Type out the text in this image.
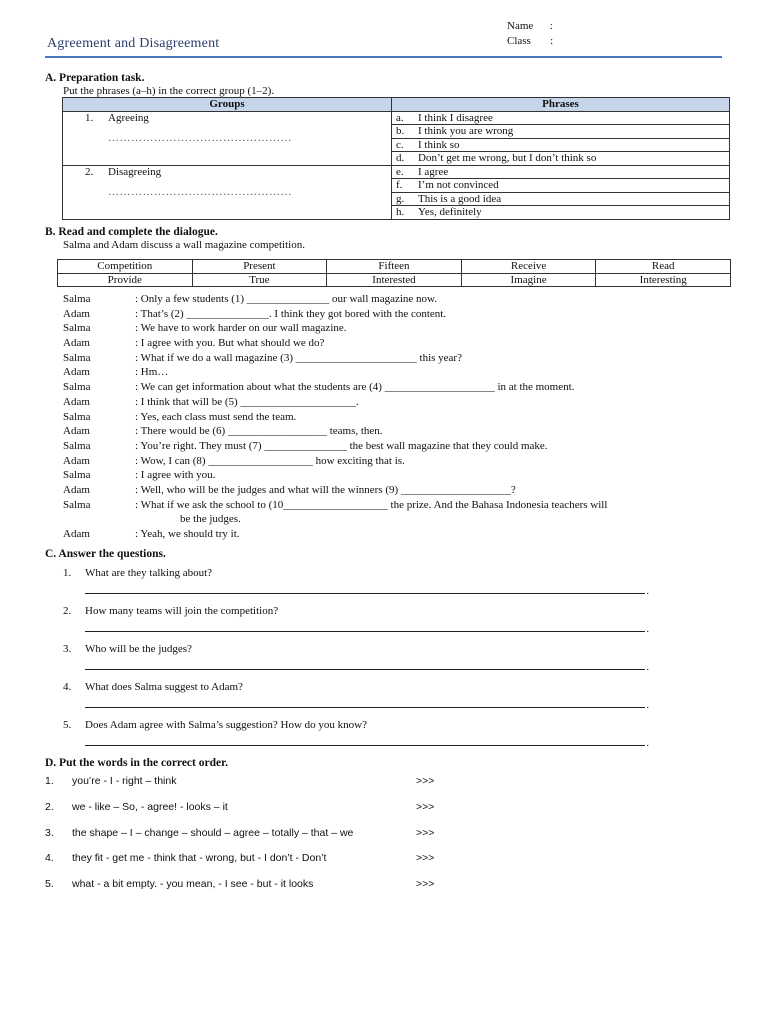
Agreement and Disagreement
Name :
Class :
A. Preparation task.
Put the phrases (a–h) in the correct group (1–2).
Groups	Phrases

1. Agreeing
…………………………………………	a. I think I disagree
	b. I think you are wrong
	c. I think so
	d. Don’t get me wrong, but I don’t think so

2. Disagreeing
…………………………………………	e. I agree
	f. I’m not convinced
	g. This is a good idea
	h. Yes, definitely
B. Read and complete the dialogue.
Salma and Adam discuss a wall magazine competition.
Competition	Present	Fifteen	Receive	Read
Provide	True	Interested	Imagine	Interesting
Salma	: Only a few students (1) _______________ our wall magazine now.
Adam	: That’s (2) _______________. I think they got bored with the content.
Salma	: We have to work harder on our wall magazine.
Adam	: I agree with you. But what should we do?
Salma	: What if we do a wall magazine (3) ______________________ this year?
Adam	: Hm…
Salma	: We can get information about what the students are (4) ____________________ in at the moment.
Adam	: I think that will be (5) _____________________.
Salma	: Yes, each class must send the team.
Adam	: There would be (6) __________________ teams, then.
Salma	: You’re right. They must (7) _______________ the best wall magazine that they could make.
Adam	: Wow, I can (8) ___________________ how exciting that is.
Salma	: I agree with you.
Adam	: Well, who will be the judges and what will the winners (9) ____________________?
Salma	: What if we ask the school to (10___________________ the prize. And the Bahasa Indonesia teachers will
be the judges.
Adam	: Yeah, we should try it.
C. Answer the questions.
1. What are they talking about?
.
2. How many teams will join the competition?
.
3. Who will be the judges?
.
4. What does Salma suggest to Adam?
.
5. Does Adam agree with Salma’s suggestion? How do you know?
.
D. Put the words in the correct order.
1. you’re - I - right – think	>>>
2. we - like – So, - agree! - looks – it	>>>
3. the shape – I – change – should – agree – totally – that – we	>>>
4. they fit - get me - think that - wrong, but - I don’t - Don’t	>>>
5. what - a bit empty. - you mean, - I see - but - it looks	>>>
